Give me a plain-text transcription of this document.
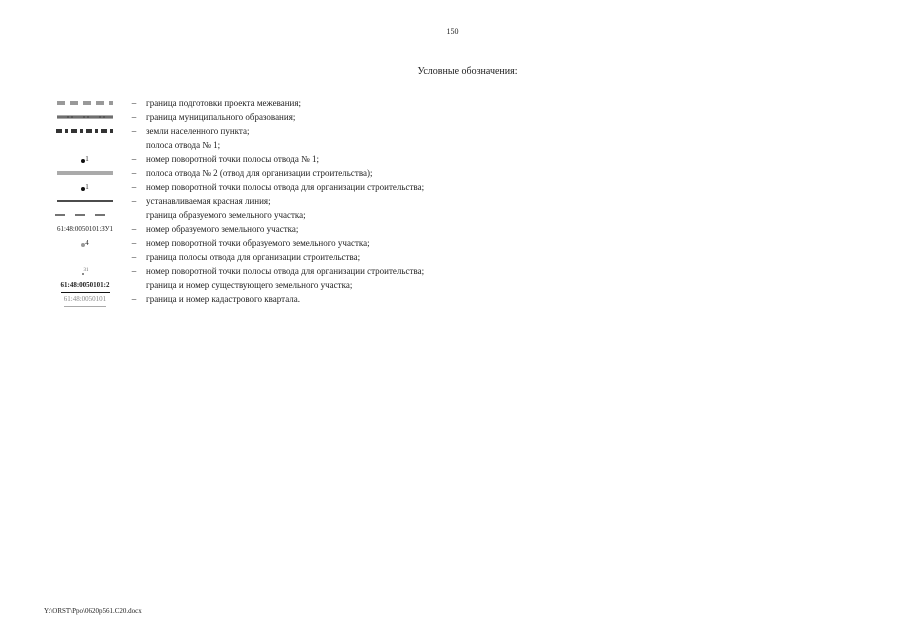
150
Условные обозначения:
–	граница подготовки проекта межевания;
–	граница муниципального образования;
–	земли населенного пункта;
полоса отвода № 1;
$^1$	–	номер поворотной точки полосы отвода № 1;
–	полоса отвода № 2 (отвод для организации строительства);
$^1$	–	номер поворотной точки полосы отвода для организации строительства;
–	устанавливаемая красная линия;
граница образуемого земельного участка;
61:48:0050101:ЗУ1	–	номер образуемого земельного участка;
$^4$	–	номер поворотной точки образуемого земельного участка;
–	граница полосы отвода для организации строительства;
$^{31}$	–	номер поворотной точки полосы отвода для организации строительства;
61:48:0050101:2	граница и номер существующего земельного участка;
61:48:0050101	–	граница и номер кадастрового квартала.
Y:\ORST\Ppo\0620p561.С20.docx
